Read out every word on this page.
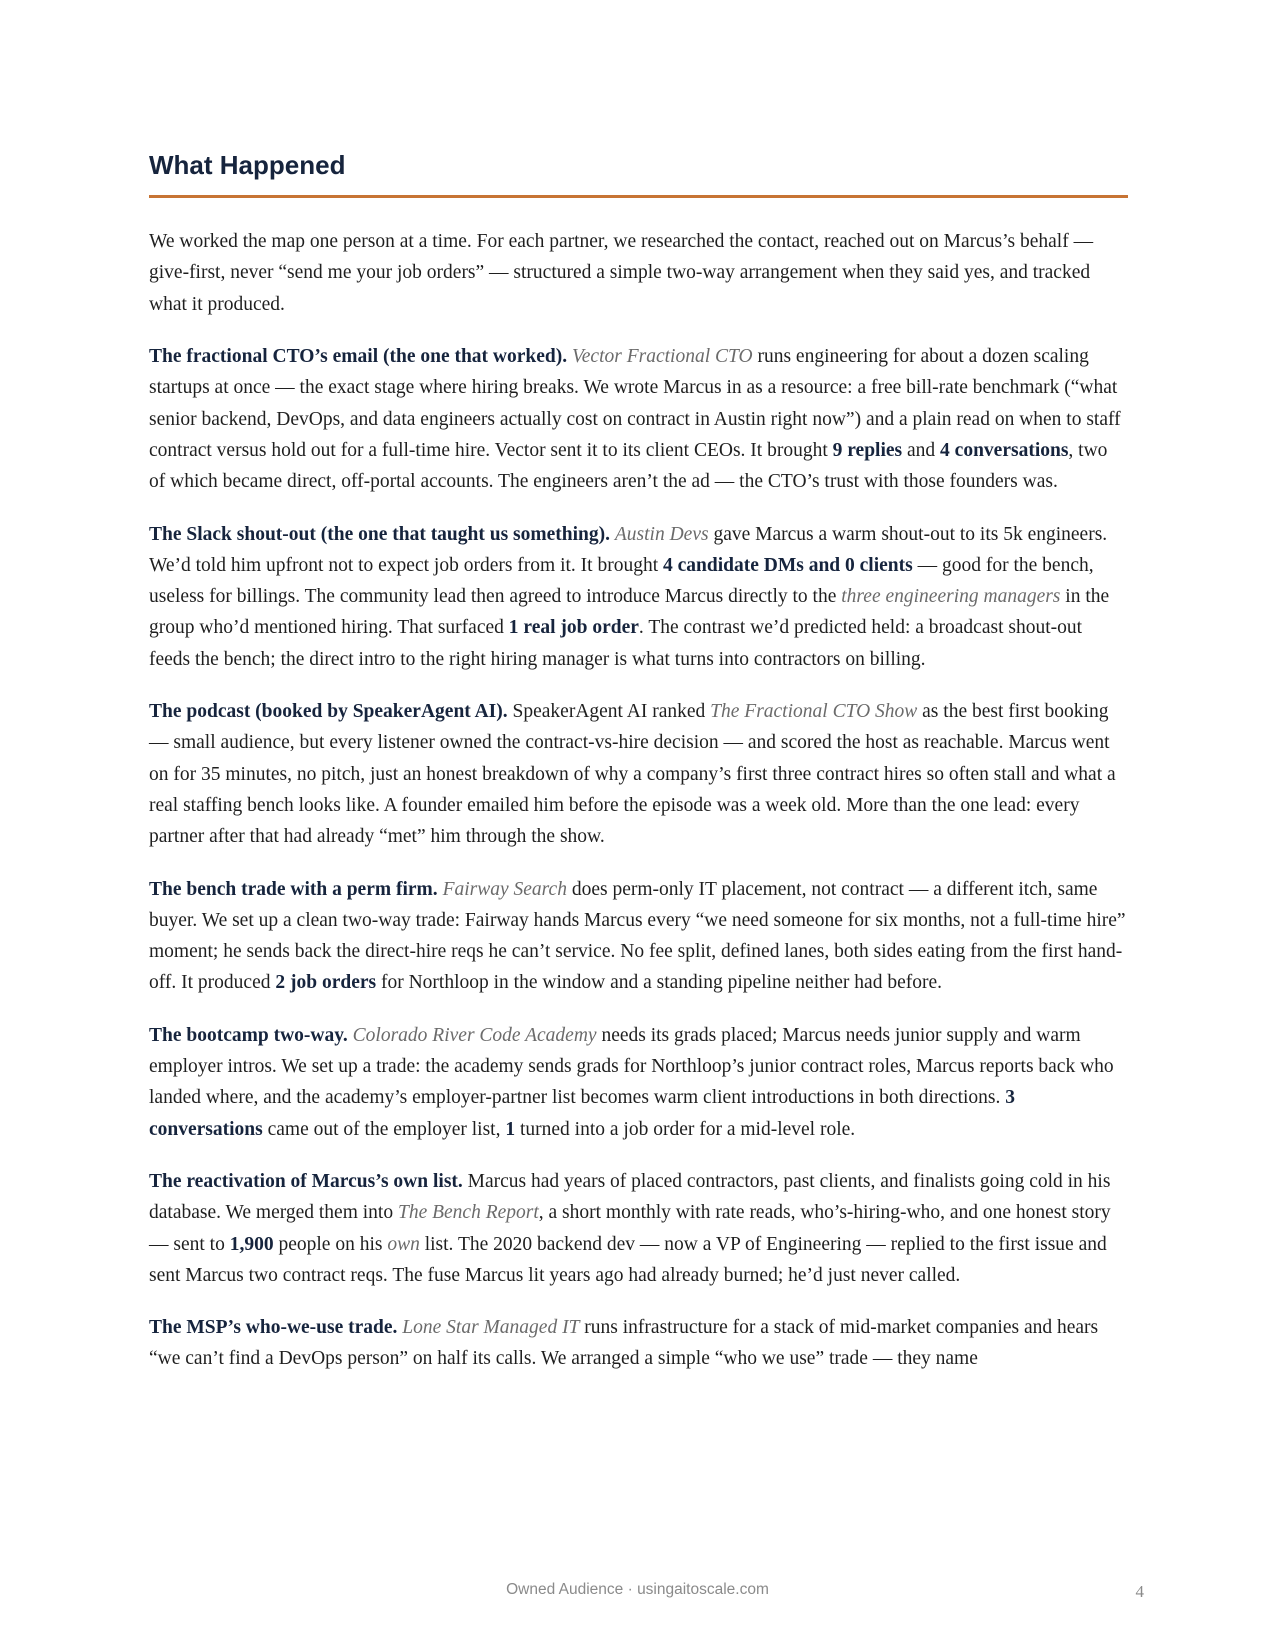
What Happened

We worked the map one person at a time. For each partner, we researched the contact, reached out on Marcus’s behalf — give-first, never “send me your job orders” — structured a simple two-way arrangement when they said yes, and tracked what it produced.

The fractional CTO’s email (the one that worked). Vector Fractional CTO runs engineering for about a dozen scaling startups at once — the exact stage where hiring breaks. We wrote Marcus in as a resource: a free bill-rate benchmark (“what senior backend, DevOps, and data engineers actually cost on contract in Austin right now”) and a plain read on when to staff contract versus hold out for a full-time hire. Vector sent it to its client CEOs. It brought 9 replies and 4 conversations, two of which became direct, off-portal accounts. The engineers aren’t the ad — the CTO’s trust with those founders was.

The Slack shout-out (the one that taught us something). Austin Devs gave Marcus a warm shout-out to its 5k engineers. We’d told him upfront not to expect job orders from it. It brought 4 candidate DMs and 0 clients — good for the bench, useless for billings. The community lead then agreed to introduce Marcus directly to the three engineering managers in the group who’d mentioned hiring. That surfaced 1 real job order. The contrast we’d predicted held: a broadcast shout-out feeds the bench; the direct intro to the right hiring manager is what turns into contractors on billing.

The podcast (booked by SpeakerAgent AI). SpeakerAgent AI ranked The Fractional CTO Show as the best first booking — small audience, but every listener owned the contract-vs-hire decision — and scored the host as reachable. Marcus went on for 35 minutes, no pitch, just an honest breakdown of why a company’s first three contract hires so often stall and what a real staffing bench looks like. A founder emailed him before the episode was a week old. More than the one lead: every partner after that had already “met” him through the show.

The bench trade with a perm firm. Fairway Search does perm-only IT placement, not contract — a different itch, same buyer. We set up a clean two-way trade: Fairway hands Marcus every “we need someone for six months, not a full-time hire” moment; he sends back the direct-hire reqs he can’t service. No fee split, defined lanes, both sides eating from the first hand-off. It produced 2 job orders for Northloop in the window and a standing pipeline neither had before.

The bootcamp two-way. Colorado River Code Academy needs its grads placed; Marcus needs junior supply and warm employer intros. We set up a trade: the academy sends grads for Northloop’s junior contract roles, Marcus reports back who landed where, and the academy’s employer-partner list becomes warm client introductions in both directions. 3 conversations came out of the employer list, 1 turned into a job order for a mid-level role.

The reactivation of Marcus’s own list. Marcus had years of placed contractors, past clients, and finalists going cold in his database. We merged them into The Bench Report, a short monthly with rate reads, who’s-hiring-who, and one honest story — sent to 1,900 people on his own list. The 2020 backend dev — now a VP of Engineering — replied to the first issue and sent Marcus two contract reqs. The fuse Marcus lit years ago had already burned; he’d just never called.

The MSP’s who-we-use trade. Lone Star Managed IT runs infrastructure for a stack of mid-market companies and hears “we can’t find a DevOps person” on half its calls. We arranged a simple “who we use” trade — they name

Owned Audience · usingaitoscale.com	4
